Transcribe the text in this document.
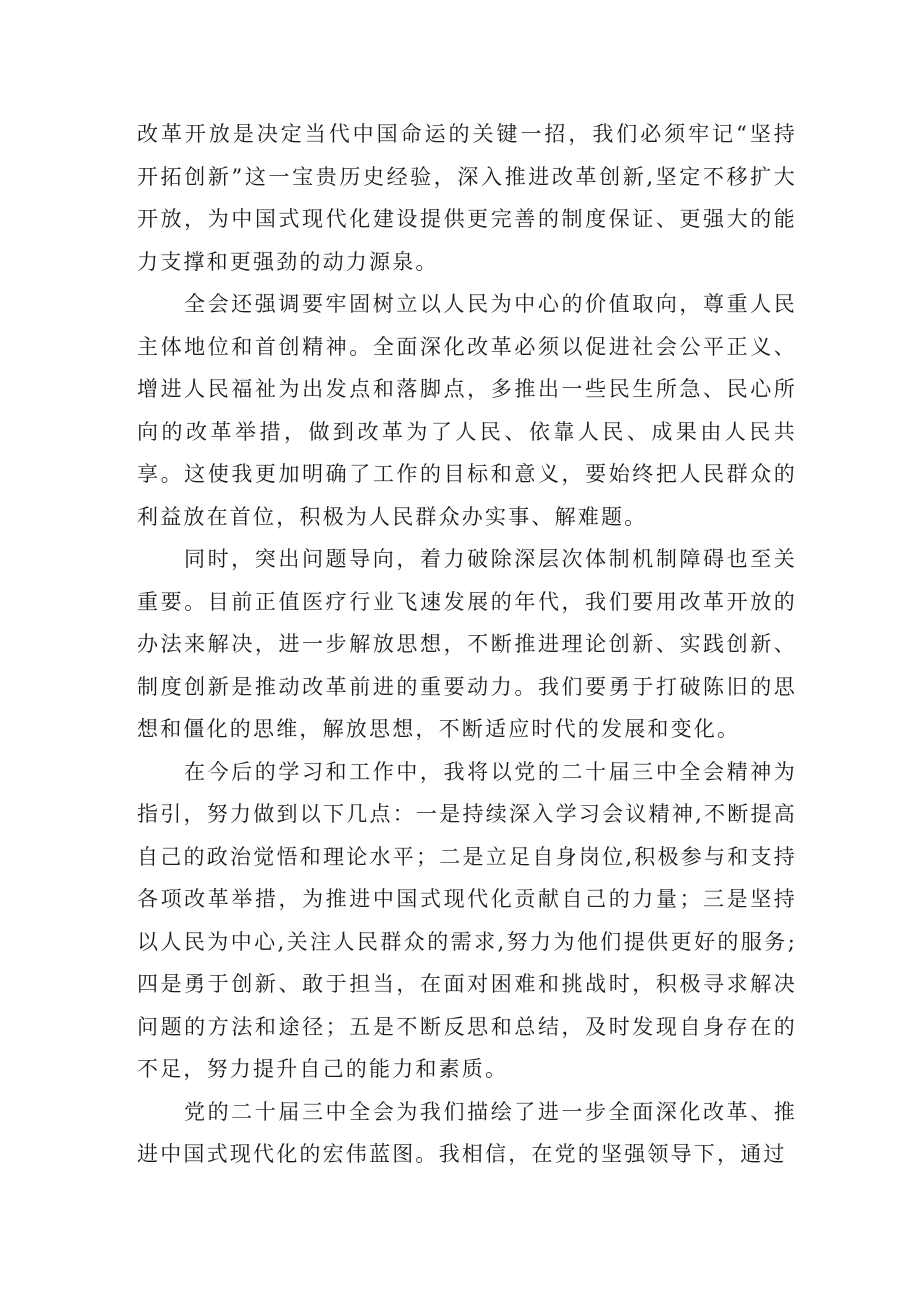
改革开放是决定当代中国命运的关键一招，我们必须牢记“坚持开拓创新”这一宝贵历史经验，深入推进改革创新,坚定不移扩大开放，为中国式现代化建设提供更完善的制度保证、更强大的能力支撑和更强劲的动力源泉。

全会还强调要牢固树立以人民为中心的价值取向，尊重人民主体地位和首创精神。全面深化改革必须以促进社会公平正义、增进人民福祉为出发点和落脚点，多推出一些民生所急、民心所向的改革举措，做到改革为了人民、依靠人民、成果由人民共享。这使我更加明确了工作的目标和意义，要始终把人民群众的利益放在首位，积极为人民群众办实事、解难题。

同时，突出问题导向，着力破除深层次体制机制障碍也至关重要。目前正值医疗行业飞速发展的年代，我们要用改革开放的办法来解决，进一步解放思想，不断推进理论创新、实践创新、制度创新是推动改革前进的重要动力。我们要勇于打破陈旧的思想和僵化的思维，解放思想，不断适应时代的发展和变化。

在今后的学习和工作中，我将以党的二十届三中全会精神为指引，努力做到以下几点：一是持续深入学习会议精神,不断提高自己的政治觉悟和理论水平；二是立足自身岗位,积极参与和支持各项改革举措，为推进中国式现代化贡献自己的力量；三是坚持以人民为中心,关注人民群众的需求,努力为他们提供更好的服务;四是勇于创新、敢于担当，在面对困难和挑战时，积极寻求解决问题的方法和途径；五是不断反思和总结，及时发现自身存在的不足，努力提升自己的能力和素质。

党的二十届三中全会为我们描绘了进一步全面深化改革、推进中国式现代化的宏伟蓝图。我相信，在党的坚强领导下，通过
